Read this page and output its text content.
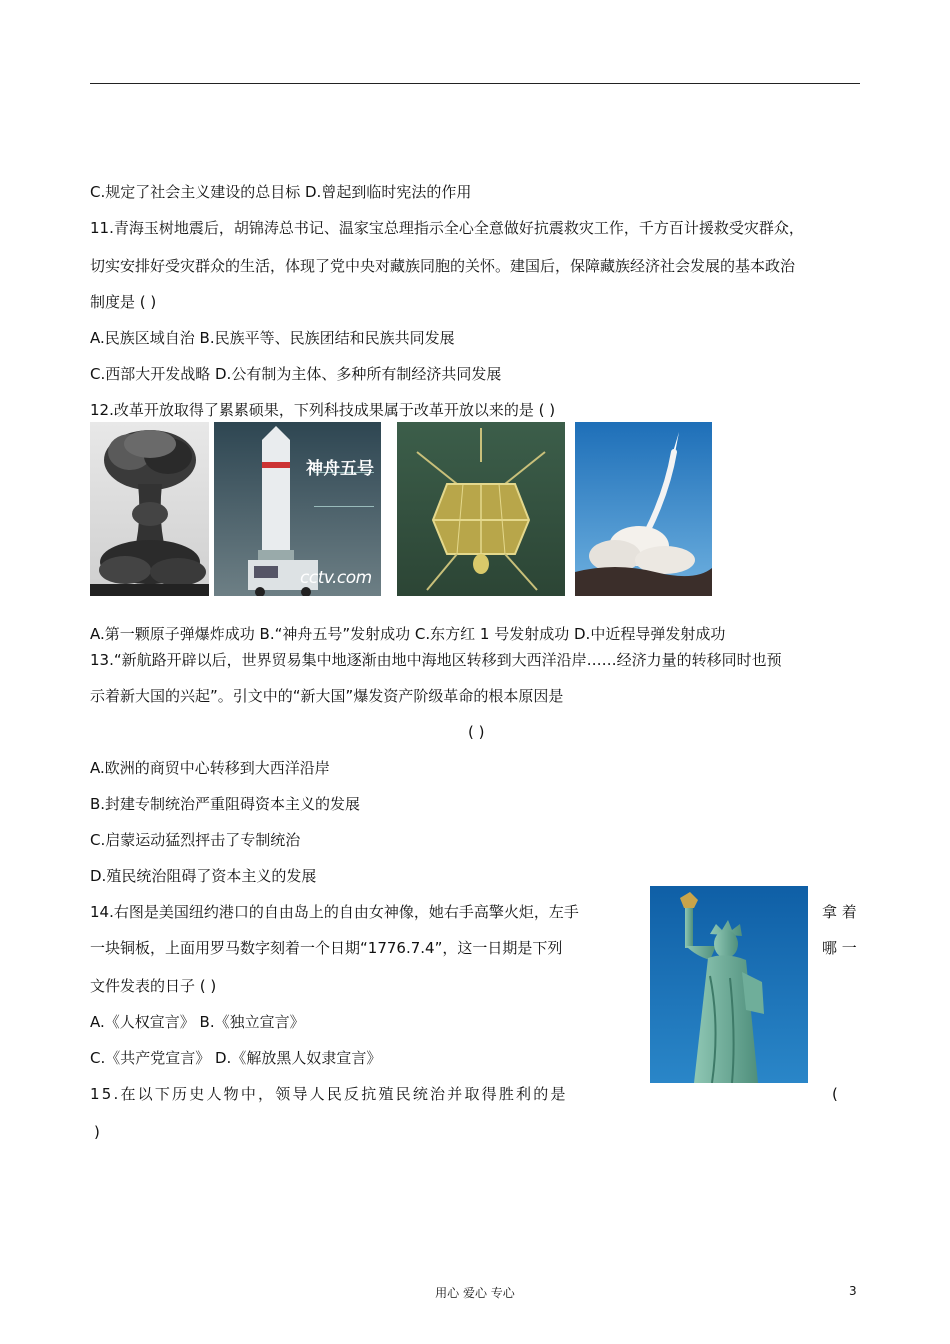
C.规定了社会主义建设的总目标 D.曾起到临时宪法的作用
11.青海玉树地震后，胡锦涛总书记、温家宝总理指示全心全意做好抗震救灾工作，千方百计援救受灾群众，
切实安排好受灾群众的生活，体现了党中央对藏族同胞的关怀。建国后，保障藏族经济社会发展的基本政治
制度是 ( )
A.民族区域自治 B.民族平等、民族团结和民族共同发展
C.西部大开发战略 D.公有制为主体、多种所有制经济共同发展
12.改革开放取得了累累硕果，下列科技成果属于改革开放以来的是 ( )
神舟五号
cctv.com
A.第一颗原子弹爆炸成功 B.“神舟五号”发射成功 C.东方红 1 号发射成功 D.中近程导弹发射成功
13.“新航路开辟以后，世界贸易集中地逐渐由地中海地区转移到大西洋沿岸……经济力量的转移同时也预
示着新大国的兴起”。引文中的“新大国”爆发资产阶级革命的根本原因是
( )
A.欧洲的商贸中心转移到大西洋沿岸
B.封建专制统治严重阻碍资本主义的发展
C.启蒙运动猛烈抨击了专制统治
D.殖民统治阻碍了资本主义的发展
14.右图是美国纽约港口的自由岛上的自由女神像，她右手高擎火炬，左手	拿 着
一块铜板，上面用罗马数字刻着一个日期“1776.7.4”，这一日期是下列	哪 一
文件发表的日子 ( )
A.《人权宣言》 B.《独立宣言》
C.《共产党宣言》 D.《解放黑人奴隶宣言》
15.在以下历史人物中，领导人民反抗殖民统治并取得胜利的是	(
)
用心 爱心 专心	3
